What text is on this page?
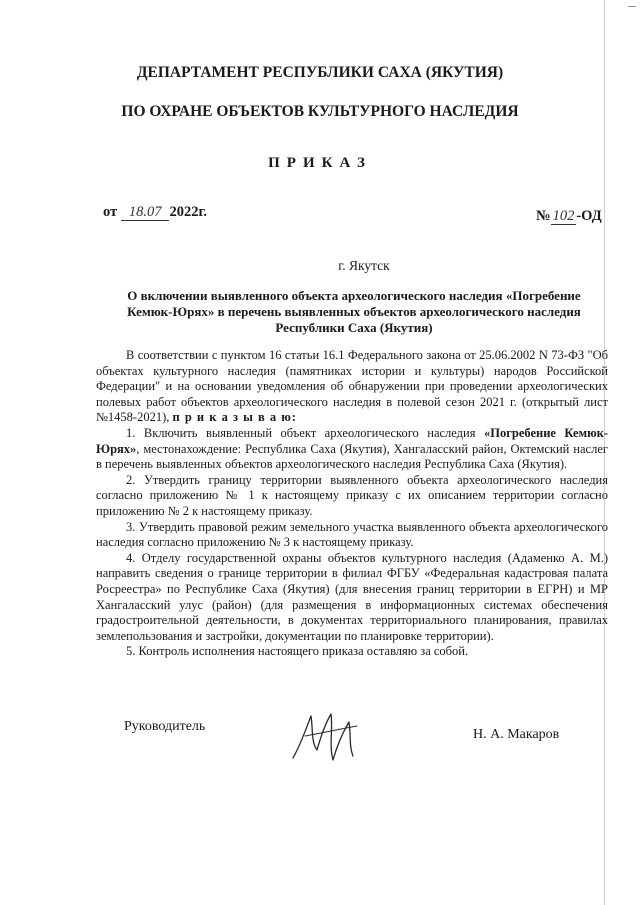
ДЕПАРТАМЕНТ РЕСПУБЛИКИ САХА (ЯКУТИЯ)
ПО ОХРАНЕ ОБЪЕКТОВ КУЛЬТУРНОГО НАСЛЕДИЯ
ПРИКАЗ
от 18.07 2022г.	№ 102 -ОД
г. Якутск
О включении выявленного объекта археологического наследия «Погребение Кемюк-Юрях» в перечень выявленных объектов археологического наследия Республики Саха (Якутия)

В соответствии с пунктом 16 статьи 16.1 Федерального закона от 25.06.2002 N 73-ФЗ "Об объектах культурного наследия (памятниках истории и культуры) народов Российской Федерации" и на основании уведомления об обнаружении при проведении археологических полевых работ объектов археологического наследия в полевой сезон 2021 г. (открытый лист №1458-2021), п р и к а з ы в а ю:

1. Включить выявленный объект археологического наследия «Погребение Кемюк-Юрях», местонахождение: Республика Саха (Якутия), Хангаласский район, Октемский наслег в перечень выявленных объектов археологического наследия Республика Саха (Якутия).

2. Утвердить границу территории выявленного объекта археологического наследия согласно приложению № 1 к настоящему приказу с их описанием территории согласно приложению № 2 к настоящему приказу.

3. Утвердить правовой режим земельного участка выявленного объекта археологического наследия согласно приложению № 3 к настоящему приказу.

4. Отделу государственной охраны объектов культурного наследия (Адаменко А. М.) направить сведения о границе территории в филиал ФГБУ «Федеральная кадастровая палата Росреестра» по Республике Саха (Якутия) (для внесения границ территории в ЕГРН) и МР Хангаласский улус (район) (для размещения в информационных системах обеспечения градостроительной деятельности, в документах территориального планирования, правилах землепользования и застройки, документации по планировке территории).

5. Контроль исполнения настоящего приказа оставляю за собой.

Руководитель
Н. А. Макаров
